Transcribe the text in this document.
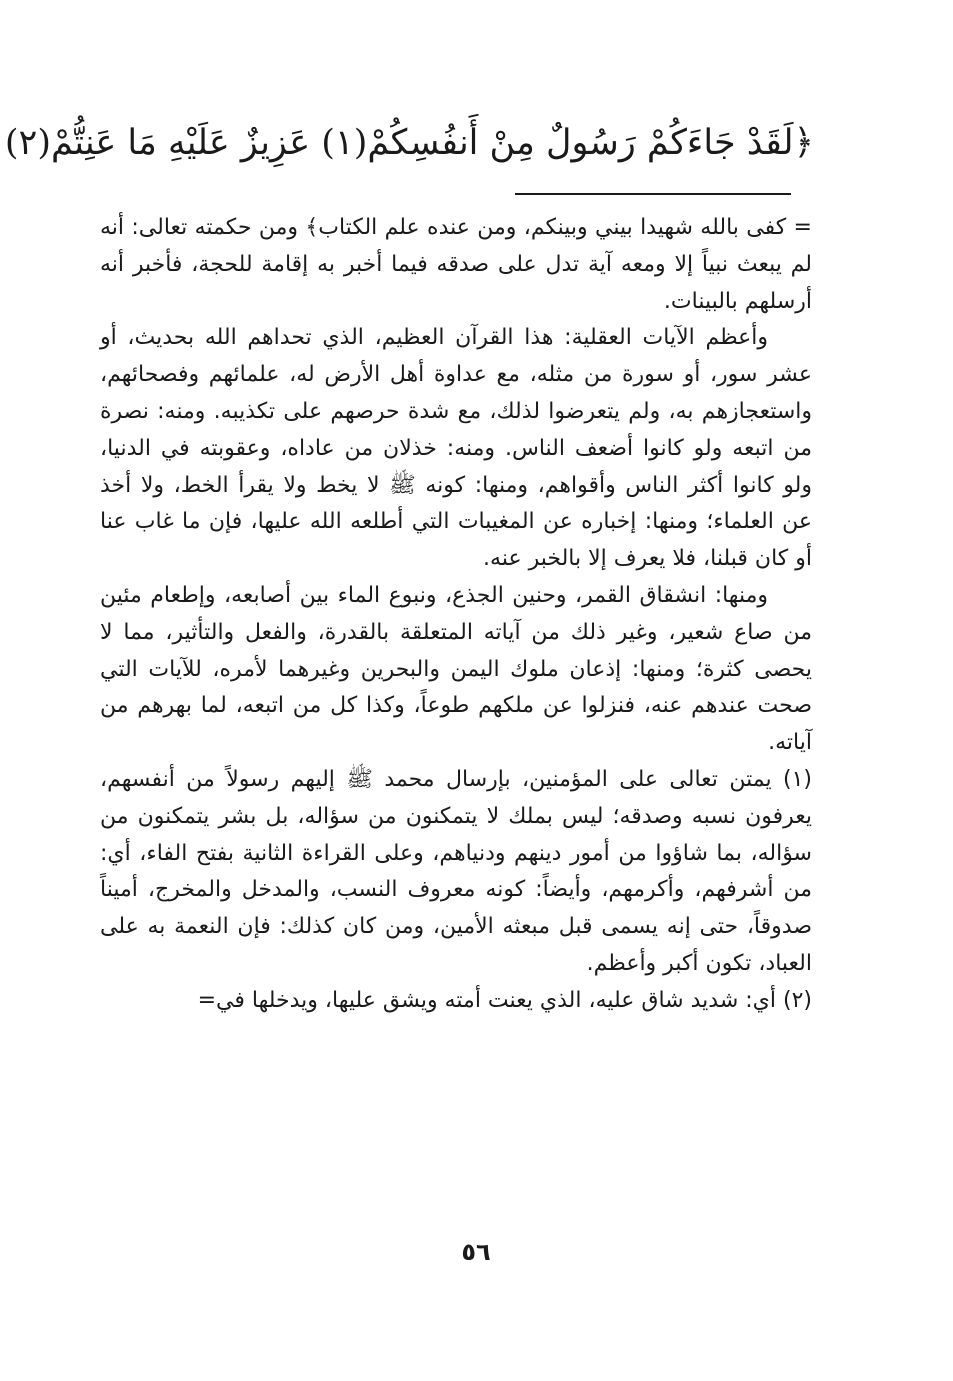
﴿لَقَدْ جَاءَكُمْ رَسُولٌ مِنْ أَنفُسِكُمْ(١) عَزِيزٌ عَلَيْهِ مَا عَنِتُّمْ(٢)

= كفى بالله شهيدا بيني وبينكم، ومن عنده علم الكتاب﴾ ومن حكمته تعالى: أنه لم يبعث نبياً إلا ومعه آية تدل على صدقه فيما أخبر به إقامة للحجة، فأخبر أنه أرسلهم بالبينات.

وأعظم الآيات العقلية: هذا القرآن العظيم، الذي تحداهم الله بحديث، أو عشر سور، أو سورة من مثله، مع عداوة أهل الأرض له، علمائهم وفصحائهم، واستعجازهم به، ولم يتعرضوا لذلك، مع شدة حرصهم على تكذيبه. ومنه: نصرة من اتبعه ولو كانوا أضعف الناس. ومنه: خذلان من عاداه، وعقوبته في الدنيا، ولو كانوا أكثر الناس وأقواهم، ومنها: كونه ﷺ لا يخط ولا يقرأ الخط، ولا أخذ عن العلماء؛ ومنها: إخباره عن المغيبات التي أطلعه الله عليها، فإن ما غاب عنا أو كان قبلنا، فلا يعرف إلا بالخبر عنه.

ومنها: انشقاق القمر، وحنين الجذع، ونبوع الماء بين أصابعه، وإطعام مئين من صاع شعير، وغير ذلك من آياته المتعلقة بالقدرة، والفعل والتأثير، مما لا يحصى كثرة؛ ومنها: إذعان ملوك اليمن والبحرين وغيرهما لأمره، للآيات التي صحت عندهم عنه، فنزلوا عن ملكهم طوعاً، وكذا كل من اتبعه، لما بهرهم من آياته.

(١) يمتن تعالى على المؤمنين، بإرسال محمد ﷺ إليهم رسولاً من أنفسهم، يعرفون نسبه وصدقه؛ ليس بملك لا يتمكنون من سؤاله، بل بشر يتمكنون من سؤاله، بما شاؤوا من أمور دينهم ودنياهم، وعلى القراءة الثانية بفتح الفاء، أي: من أشرفهم، وأكرمهم، وأيضاً: كونه معروف النسب، والمدخل والمخرج، أميناً صدوقاً، حتى إنه يسمى قبل مبعثه الأمين، ومن كان كذلك: فإن النعمة به على العباد، تكون أكبر وأعظم.

(٢) أي: شديد شاق عليه، الذي يعنت أمته ويشق عليها، ويدخلها في=

٥٦
